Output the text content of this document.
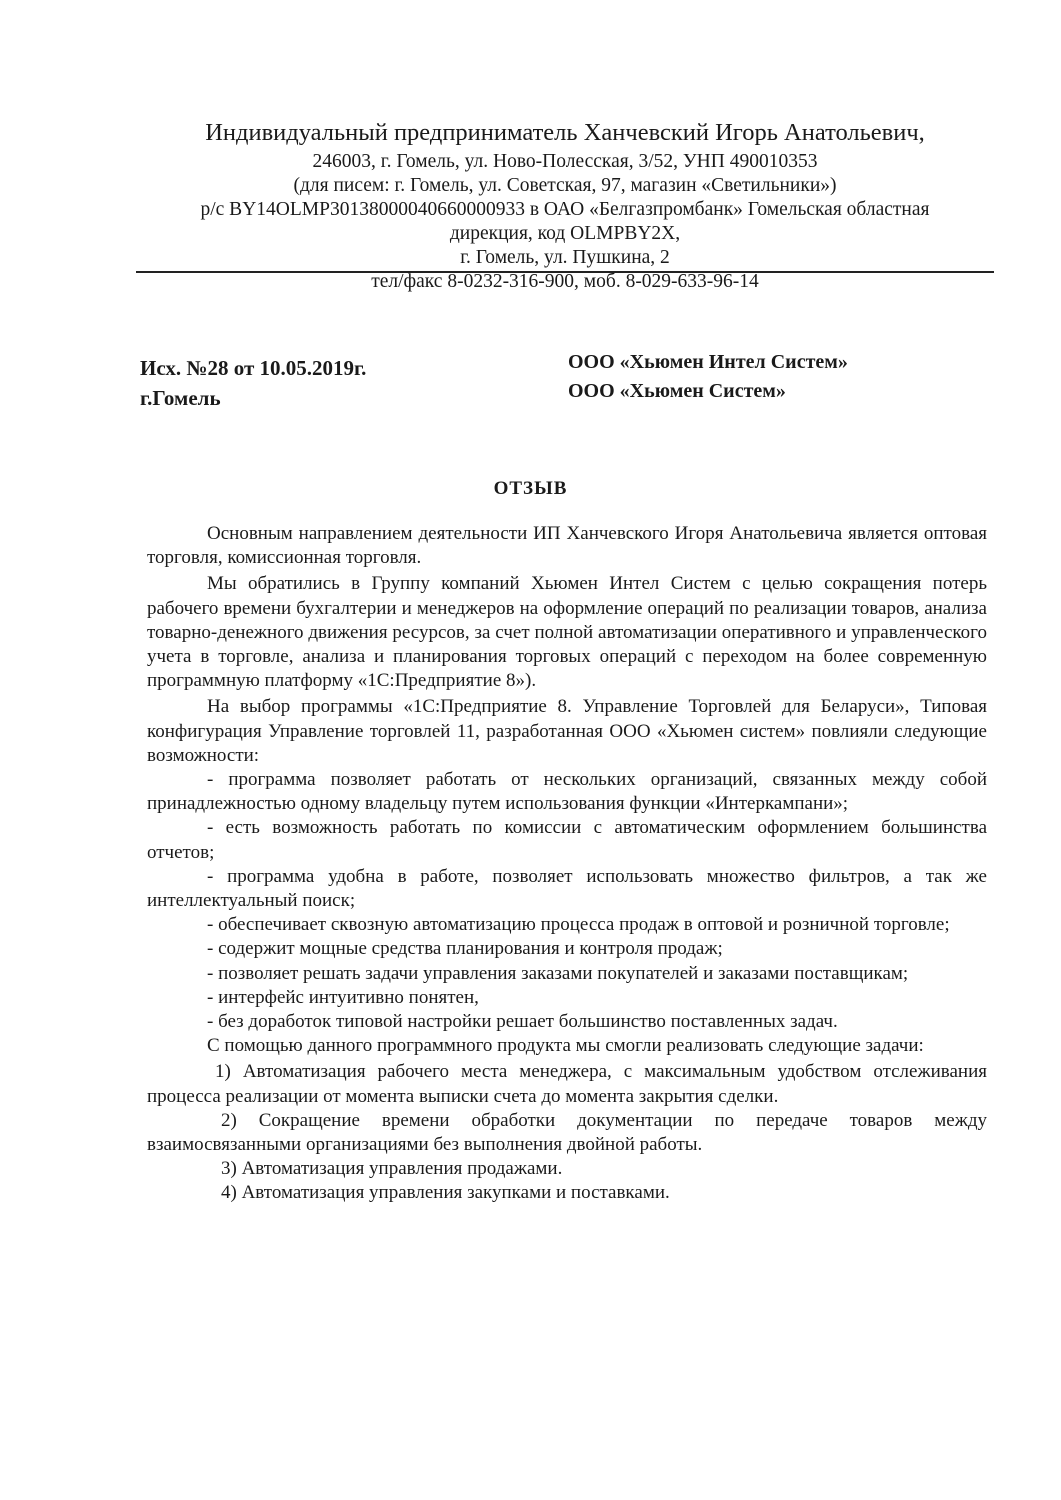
Индивидуальный предприниматель Ханчевский Игорь Анатольевич,
246003, г. Гомель, ул. Ново-Полесская, 3/52, УНП 490010353
(для писем: г. Гомель, ул. Советская, 97, магазин «Светильники»)
р/с BY14OLMP30138000040660000933 в ОАО «Белгазпромбанк» Гомельская областная
дирекция, код OLMPBY2X,
г. Гомель, ул. Пушкина, 2
тел/факс 8-0232-316-900, моб. 8-029-633-96-14
Исх. №28 от 10.05.2019г.
г.Гомель
ООО «Хьюмен Интел Систем»
ООО «Хьюмен Систем»
ОТЗЫВ

Основным направлением деятельности ИП Ханчевского Игоря Анатольевича является оптовая торговля, комиссионная торговля.

Мы обратились в Группу компаний Хьюмен Интел Систем с целью сокращения потерь рабочего времени бухгалтерии и менеджеров на оформление операций по реализации товаров, анализа товарно-денежного движения ресурсов, за счет полной автоматизации оперативного и управленческого учета в торговле, анализа и планирования торговых операций с переходом на более современную программную платформу «1С:Предприятие 8»).

На выбор программы «1С:Предприятие 8. Управление Торговлей для Беларуси», Типовая конфигурация Управление торговлей 11, разработанная ООО «Хьюмен систем» повлияли следующие возможности:

- программа позволяет работать от нескольких организаций, связанных между собой принадлежностью одному владельцу путем использования функции «Интеркампани»;

- есть возможность работать по комиссии с автоматическим оформлением большинства отчетов;

- программа удобна в работе, позволяет использовать множество фильтров, а так же интеллектуальный поиск;

- обеспечивает сквозную автоматизацию процесса продаж в оптовой и розничной торговле;

- содержит мощные средства планирования и контроля продаж;

- позволяет решать задачи управления заказами покупателей и заказами поставщикам;

- интерфейс интуитивно понятен,

- без доработок типовой настройки решает большинство поставленных задач.

С помощью данного программного продукта мы смогли реализовать следующие задачи:

1) Автоматизация рабочего места менеджера, с максимальным удобством отслеживания процесса реализации от момента выписки счета до момента закрытия сделки.

2) Сокращение времени обработки документации по передаче товаров между взаимосвязанными организациями без выполнения двойной работы.

3) Автоматизация управления продажами.

4) Автоматизация управления закупками и поставками.
